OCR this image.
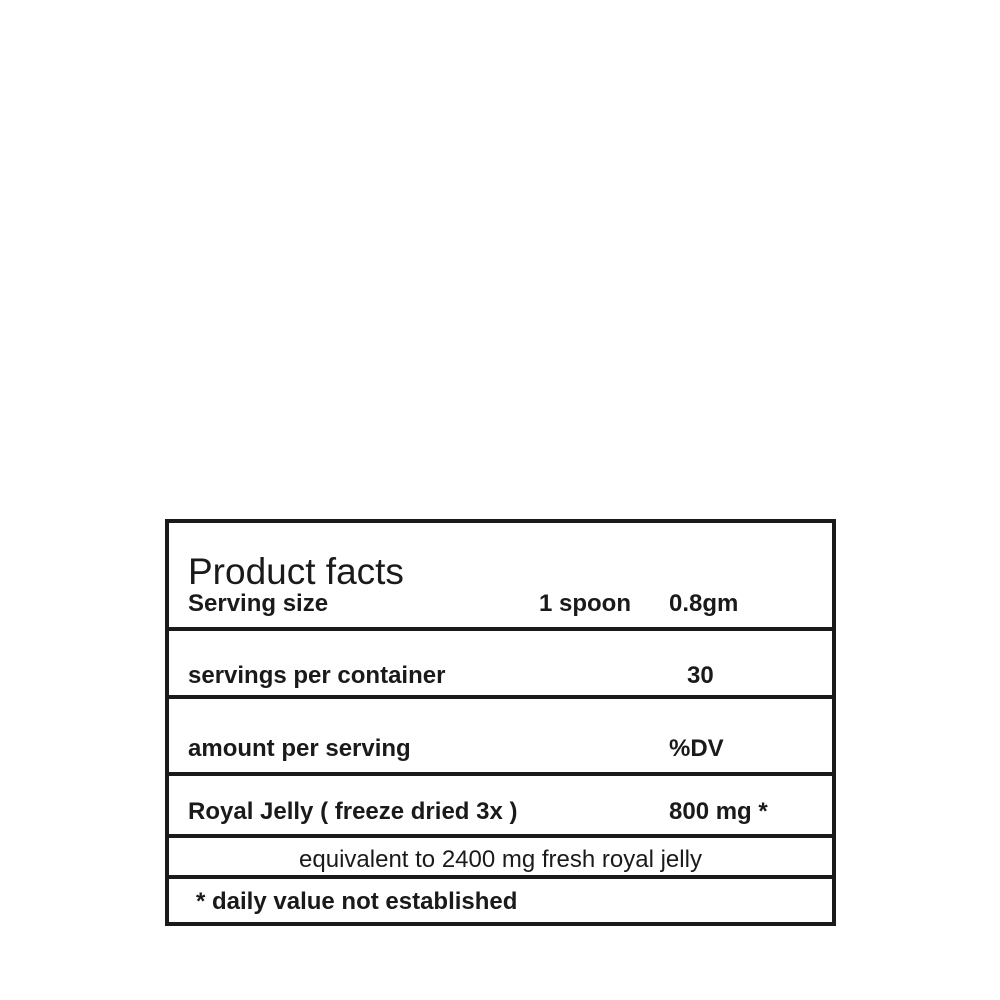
Product facts
Serving size	1 spoon 0.8gm
servings per container	30
amount per serving	%DV
Royal Jelly ( freeze dried 3x )	800 mg *
equivalent to 2400 mg fresh royal jelly
* daily value not established
